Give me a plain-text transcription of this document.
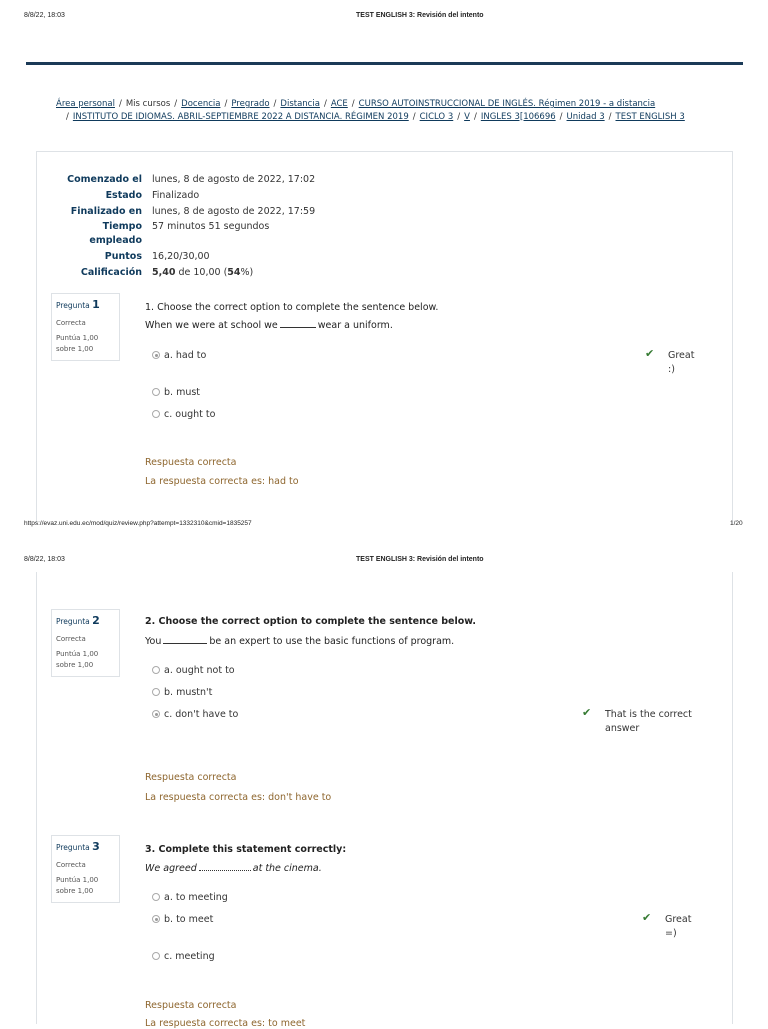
8/8/22, 18:03	TEST ENGLISH 3: Revisión del intento
Área personal / Mis cursos / Docencia / Pregrado / Distancia / ACE / CURSO AUTOINSTRUCCIONAL DE INGLÉS. Régimen 2019 - a distancia
/ INSTITUTO DE IDIOMAS. ABRIL-SEPTIEMBRE 2022 A DISTANCIA. RÉGIMEN 2019 / CICLO 3 / V / INGLES 3[106696 / Unidad 3 / TEST ENGLISH 3
Comenzado el lunes, 8 de agosto de 2022, 17:02
Estado Finalizado
Finalizado en lunes, 8 de agosto de 2022, 17:59
Tiempo 57 minutos 51 segundos
empleado
Puntos 16,20/30,00
Calificación 5,40 de 10,00 (54%)
Pregunta 1
Correcta
Puntúa 1,00
sobre 1,00
1. Choose the correct option to complete the sentence below.
When we were at school we	wear a uniform.
a. had to
b. must
c. ought to
✔ Great
:)
Respuesta correcta
La respuesta correcta es: had to
https://evaz.uni.edu.ec/mod/quiz/review.php?attempt=1332310&cmid=1835257	1/20
8/8/22, 18:03	TEST ENGLISH 3: Revisión del intento
Pregunta 2
Correcta
Puntúa 1,00
sobre 1,00
2. Choose the correct option to complete the sentence below.
You	be an expert to use the basic functions of program.
a. ought not to
b. mustn't
c. don't have to	✔ That is the correct
answer
Respuesta correcta
La respuesta correcta es: don't have to
Pregunta 3
Correcta
Puntúa 1,00
sobre 1,00
3. Complete this statement correctly:
We agreed	at the cinema.
a. to meeting
b. to meet
c. meeting
✔ Great
=)
Respuesta correcta
La respuesta correcta es: to meet
